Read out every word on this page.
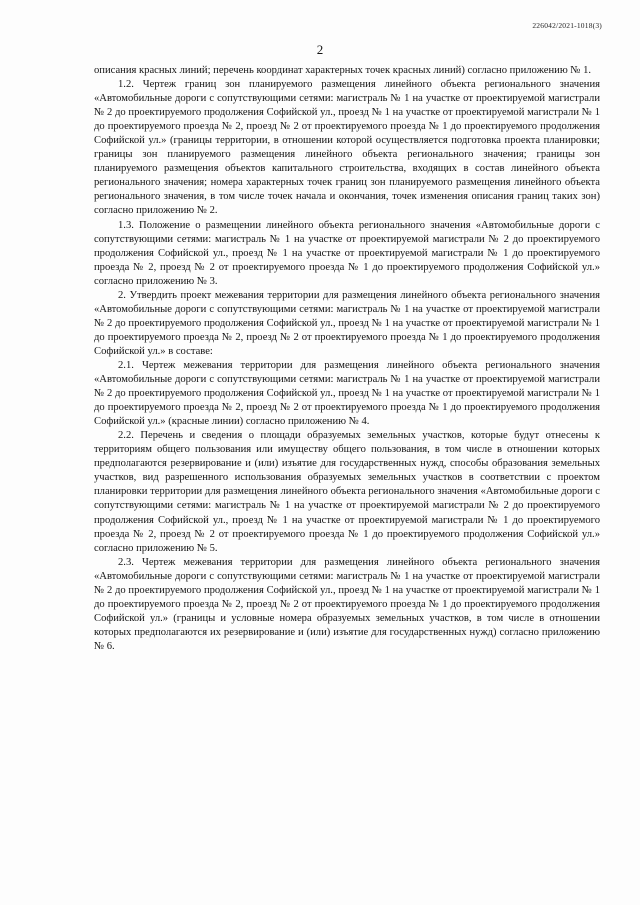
226042/2021-1018(3)
2

описания красных линий; перечень координат характерных точек красных линий) согласно приложению № 1.

1.2. Чертеж границ зон планируемого размещения линейного объекта регионального значения «Автомобильные дороги с сопутствующими сетями: магистраль № 1 на участке от проектируемой магистрали № 2 до проектируемого продолжения Софийской ул., проезд № 1 на участке от проектируемой магистрали № 1 до проектируемого проезда № 2, проезд № 2 от проектируемого проезда № 1 до проектируемого продолжения Софийской ул.» (границы территории, в отношении которой осуществляется подготовка проекта планировки; границы зон планируемого размещения линейного объекта регионального значения; границы зон планируемого размещения объектов капитального строительства, входящих в состав линейного объекта регионального значения; номера характерных точек границ зон планируемого размещения линейного объекта регионального значения, в том числе точек начала и окончания, точек изменения описания границ таких зон) согласно приложению № 2.

1.3. Положение о размещении линейного объекта регионального значения «Автомобильные дороги с сопутствующими сетями: магистраль № 1 на участке от проектируемой магистрали № 2 до проектируемого продолжения Софийской ул., проезд № 1 на участке от проектируемой магистрали № 1 до проектируемого проезда № 2, проезд № 2 от проектируемого проезда № 1 до проектируемого продолжения Софийской ул.» согласно приложению № 3.

2. Утвердить проект межевания территории для размещения линейного объекта регионального значения «Автомобильные дороги с сопутствующими сетями: магистраль № 1 на участке от проектируемой магистрали № 2 до проектируемого продолжения Софийской ул., проезд № 1 на участке от проектируемой магистрали № 1 до проектируемого проезда № 2, проезд № 2 от проектируемого проезда № 1 до проектируемого продолжения Софийской ул.» в составе:

2.1. Чертеж межевания территории для размещения линейного объекта регионального значения «Автомобильные дороги с сопутствующими сетями: магистраль № 1 на участке от проектируемой магистрали № 2 до проектируемого продолжения Софийской ул., проезд № 1 на участке от проектируемой магистрали № 1 до проектируемого проезда № 2, проезд № 2 от проектируемого проезда № 1 до проектируемого продолжения Софийской ул.» (красные линии) согласно приложению № 4.

2.2. Перечень и сведения о площади образуемых земельных участков, которые будут отнесены к территориям общего пользования или имуществу общего пользования, в том числе в отношении которых предполагаются резервирование и (или) изъятие для государственных нужд, способы образования земельных участков, вид разрешенного использования образуемых земельных участков в соответствии с проектом планировки территории для размещения линейного объекта регионального значения «Автомобильные дороги с сопутствующими сетями: магистраль № 1 на участке от проектируемой магистрали № 2 до проектируемого продолжения Софийской ул., проезд № 1 на участке от проектируемой магистрали № 1 до проектируемого проезда № 2, проезд № 2 от проектируемого проезда № 1 до проектируемого продолжения Софийской ул.» согласно приложению № 5.

2.3. Чертеж межевания территории для размещения линейного объекта регионального значения «Автомобильные дороги с сопутствующими сетями: магистраль № 1 на участке от проектируемой магистрали № 2 до проектируемого продолжения Софийской ул., проезд № 1 на участке от проектируемой магистрали № 1 до проектируемого проезда № 2, проезд № 2 от проектируемого проезда № 1 до проектируемого продолжения Софийской ул.» (границы и условные номера образуемых земельных участков, в том числе в отношении которых предполагаются их резервирование и (или) изъятие для государственных нужд) согласно приложению № 6.
